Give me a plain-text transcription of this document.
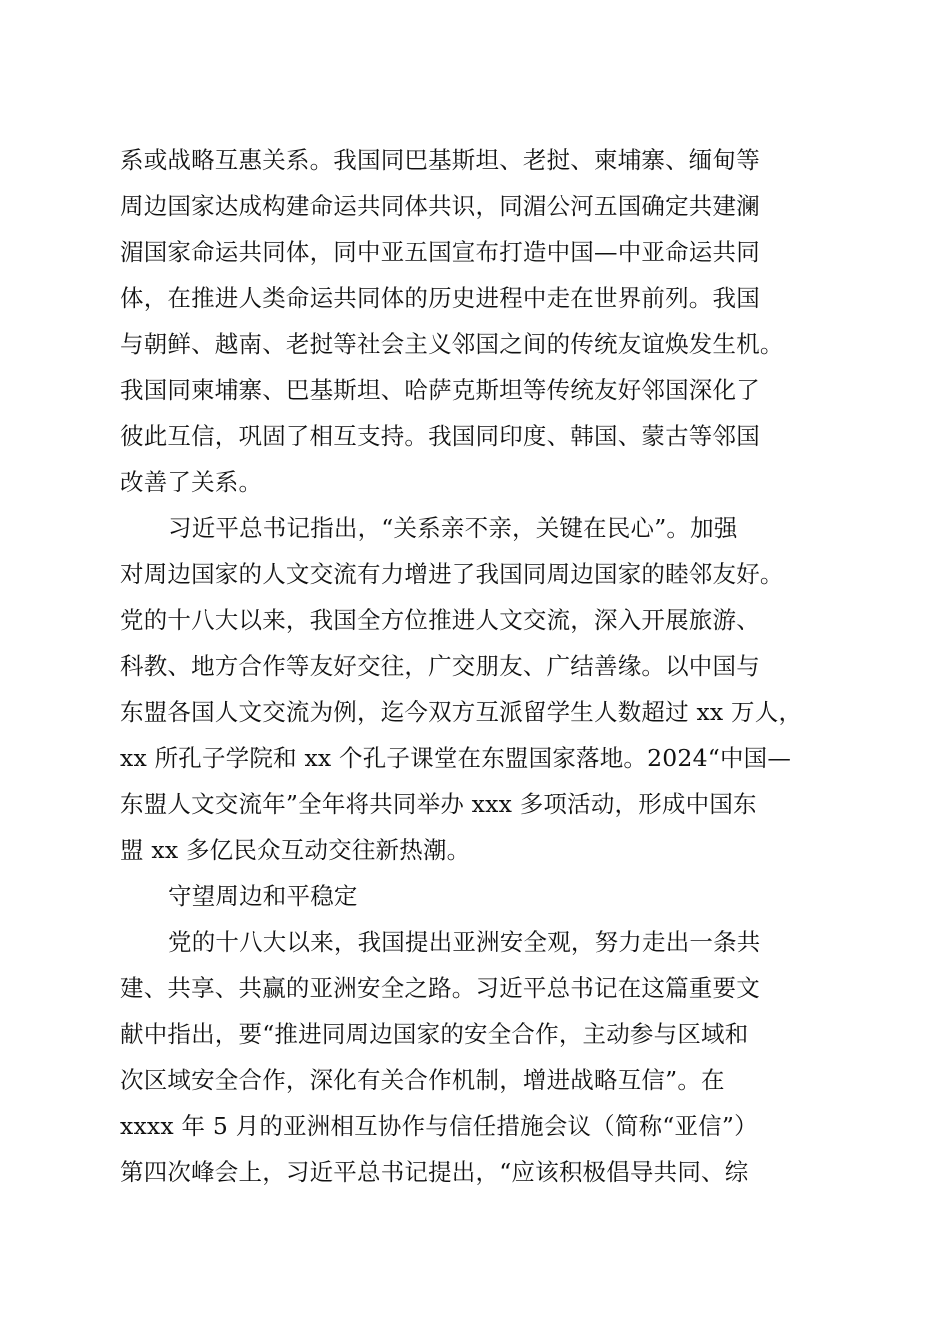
系或战略互惠关系。我国同巴基斯坦、老挝、柬埔寨、缅甸等

周边国家达成构建命运共同体共识，同湄公河五国确定共建澜

湄国家命运共同体，同中亚五国宣布打造中国—中亚命运共同

体，在推进人类命运共同体的历史进程中走在世界前列。我国

与朝鲜、越南、老挝等社会主义邻国之间的传统友谊焕发生机。

我国同柬埔寨、巴基斯坦、哈萨克斯坦等传统友好邻国深化了

彼此互信，巩固了相互支持。我国同印度、韩国、蒙古等邻国

改善了关系。

习近平总书记指出，“关系亲不亲，关键在民心”。加强

对周边国家的人文交流有力增进了我国同周边国家的睦邻友好。

党的十八大以来，我国全方位推进人文交流，深入开展旅游、

科教、地方合作等友好交往，广交朋友、广结善缘。以中国与

东盟各国人文交流为例，迄今双方互派留学生人数超过 xx 万人，

xx 所孔子学院和 xx 个孔子课堂在东盟国家落地。2024“中国—

东盟人文交流年”全年将共同举办 xxx 多项活动，形成中国东

盟 xx 多亿民众互动交往新热潮。

守望周边和平稳定

党的十八大以来，我国提出亚洲安全观，努力走出一条共

建、共享、共赢的亚洲安全之路。习近平总书记在这篇重要文

献中指出，要“推进同周边国家的安全合作，主动参与区域和

次区域安全合作，深化有关合作机制，增进战略互信”。在

xxxx 年 5 月的亚洲相互协作与信任措施会议（简称“亚信”）

第四次峰会上，习近平总书记提出，“应该积极倡导共同、综
